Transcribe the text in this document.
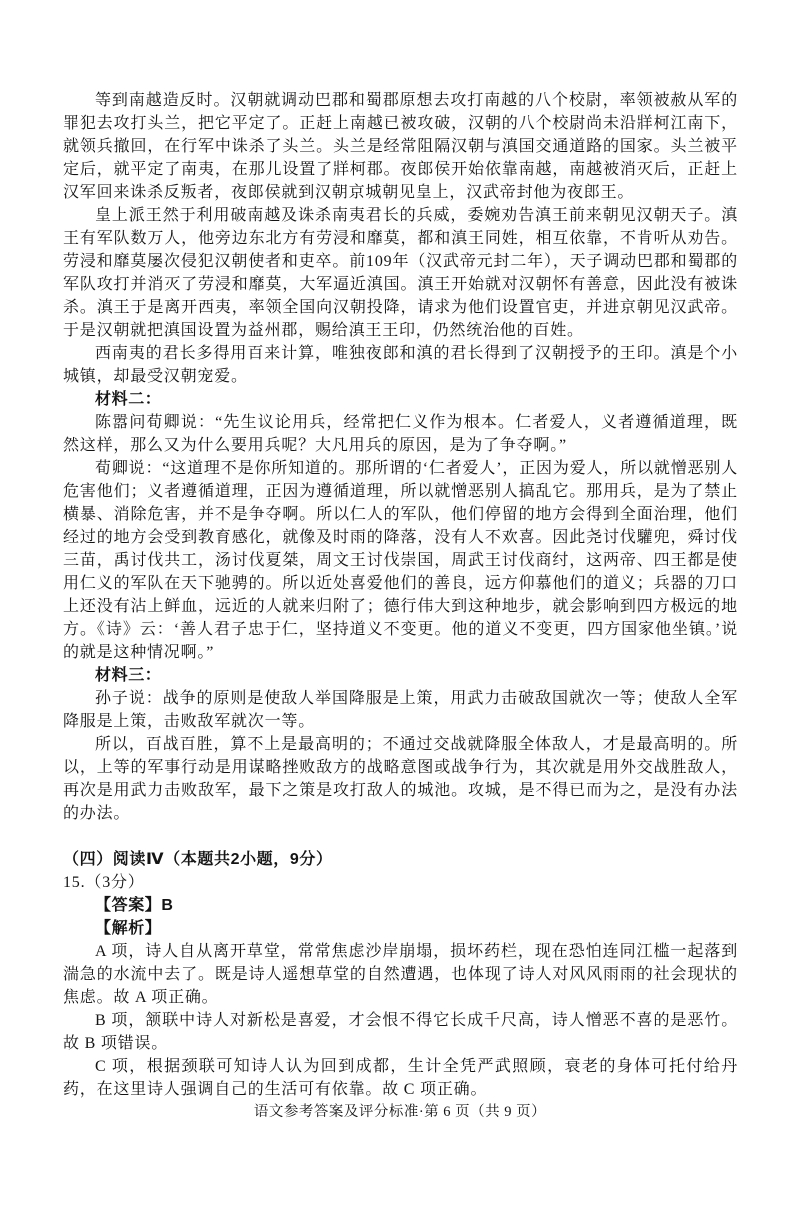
等到南越造反时。汉朝就调动巴郡和蜀郡原想去攻打南越的八个校尉，率领被赦从军的罪犯去攻打头兰，把它平定了。正赶上南越已被攻破，汉朝的八个校尉尚未沿牂柯江南下，就领兵撤回，在行军中诛杀了头兰。头兰是经常阻隔汉朝与滇国交通道路的国家。头兰被平定后，就平定了南夷，在那儿设置了牂柯郡。夜郎侯开始依靠南越，南越被消灭后，正赶上汉军回来诛杀反叛者，夜郎侯就到汉朝京城朝见皇上，汉武帝封他为夜郎王。

皇上派王然于利用破南越及诛杀南夷君长的兵威，委婉劝告滇王前来朝见汉朝天子。滇王有军队数万人，他旁边东北方有劳浸和靡莫，都和滇王同姓，相互依靠，不肯听从劝告。劳浸和靡莫屡次侵犯汉朝使者和吏卒。前109年（汉武帝元封二年），天子调动巴郡和蜀郡的军队攻打并消灭了劳浸和靡莫，大军逼近滇国。滇王开始就对汉朝怀有善意，因此没有被诛杀。滇王于是离开西夷，率领全国向汉朝投降，请求为他们设置官吏，并进京朝见汉武帝。于是汉朝就把滇国设置为益州郡，赐给滇王王印，仍然统治他的百姓。

西南夷的君长多得用百来计算，唯独夜郎和滇的君长得到了汉朝授予的王印。滇是个小城镇，却最受汉朝宠爱。

材料二：

陈嚣问荀卿说：“先生议论用兵，经常把仁义作为根本。仁者爱人，义者遵循道理，既然这样，那么又为什么要用兵呢？大凡用兵的原因，是为了争夺啊。”

荀卿说：“这道理不是你所知道的。那所谓的‘仁者爱人’，正因为爱人，所以就憎恶别人危害他们；义者遵循道理，正因为遵循道理，所以就憎恶别人搞乱它。那用兵，是为了禁止横暴、消除危害，并不是争夺啊。所以仁人的军队，他们停留的地方会得到全面治理，他们经过的地方会受到教育感化，就像及时雨的降落，没有人不欢喜。因此尧讨伐驩兜，舜讨伐三苗，禹讨伐共工，汤讨伐夏桀，周文王讨伐崇国，周武王讨伐商纣，这两帝、四王都是使用仁义的军队在天下驰骋的。所以近处喜爱他们的善良，远方仰慕他们的道义；兵器的刀口上还没有沾上鲜血，远近的人就来归附了；德行伟大到这种地步，就会影响到四方极远的地方。《诗》云：‘善人君子忠于仁，坚持道义不变更。他的道义不变更，四方国家他坐镇。’说的就是这种情况啊。”

材料三：

孙子说：战争的原则是使敌人举国降服是上策，用武力击破敌国就次一等；使敌人全军降服是上策，击败敌军就次一等。

所以，百战百胜，算不上是最高明的；不通过交战就降服全体敌人，才是最高明的。所以，上等的军事行动是用谋略挫败敌方的战略意图或战争行为，其次就是用外交战胜敌人，再次是用武力击败敌军，最下之策是攻打敌人的城池。攻城，是不得已而为之，是没有办法的办法。

（四）阅读Ⅳ（本题共2小题，9分）

15.（3分）

【答案】B

【解析】

A 项，诗人自从离开草堂，常常焦虑沙岸崩塌，损坏药栏，现在恐怕连同江槛一起落到湍急的水流中去了。既是诗人遥想草堂的自然遭遇，也体现了诗人对风风雨雨的社会现状的焦虑。故 A 项正确。

B 项，颔联中诗人对新松是喜爱，才会恨不得它长成千尺高，诗人憎恶不喜的是恶竹。故 B 项错误。

C 项，根据颈联可知诗人认为回到成都，生计全凭严武照顾，衰老的身体可托付给丹药，在这里诗人强调自己的生活可有依靠。故 C 项正确。

语文参考答案及评分标准·第 6 页（共 9 页）
